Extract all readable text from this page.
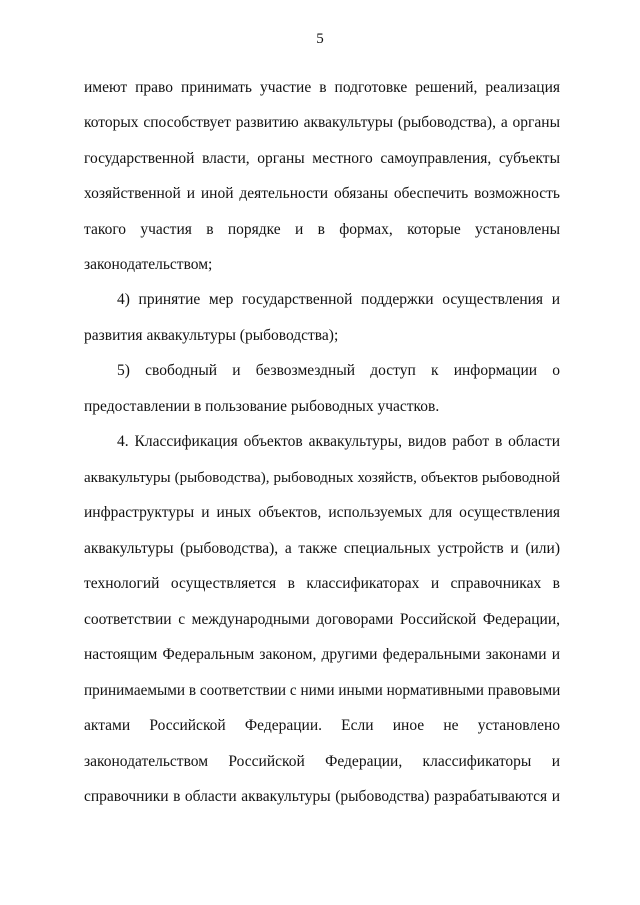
5
имеют право принимать участие в подготовке решений, реализация
которых способствует развитию аквакультуры (рыбоводства), а органы
государственной власти, органы местного самоуправления, субъекты
хозяйственной и иной деятельности обязаны обеспечить возможность
такого участия в порядке и в формах, которые установлены
законодательством;
4) принятие мер государственной поддержки осуществления и
развития аквакультуры (рыбоводства);
5) свободный и безвозмездный доступ к информации о
предоставлении в пользование рыбоводных участков.
4. Классификация объектов аквакультуры, видов работ в области
аквакультуры (рыбоводства), рыбоводных хозяйств, объектов рыбоводной
инфраструктуры и иных объектов, используемых для осуществления
аквакультуры (рыбоводства), а также специальных устройств и (или)
технологий осуществляется в классификаторах и справочниках в
соответствии с международными договорами Российской Федерации,
настоящим Федеральным законом, другими федеральными законами и
принимаемыми в соответствии с ними иными нормативными правовыми
актами Российской Федерации. Если иное не установлено
законодательством Российской Федерации, классификаторы и
справочники в области аквакультуры (рыбоводства) разрабатываются и
